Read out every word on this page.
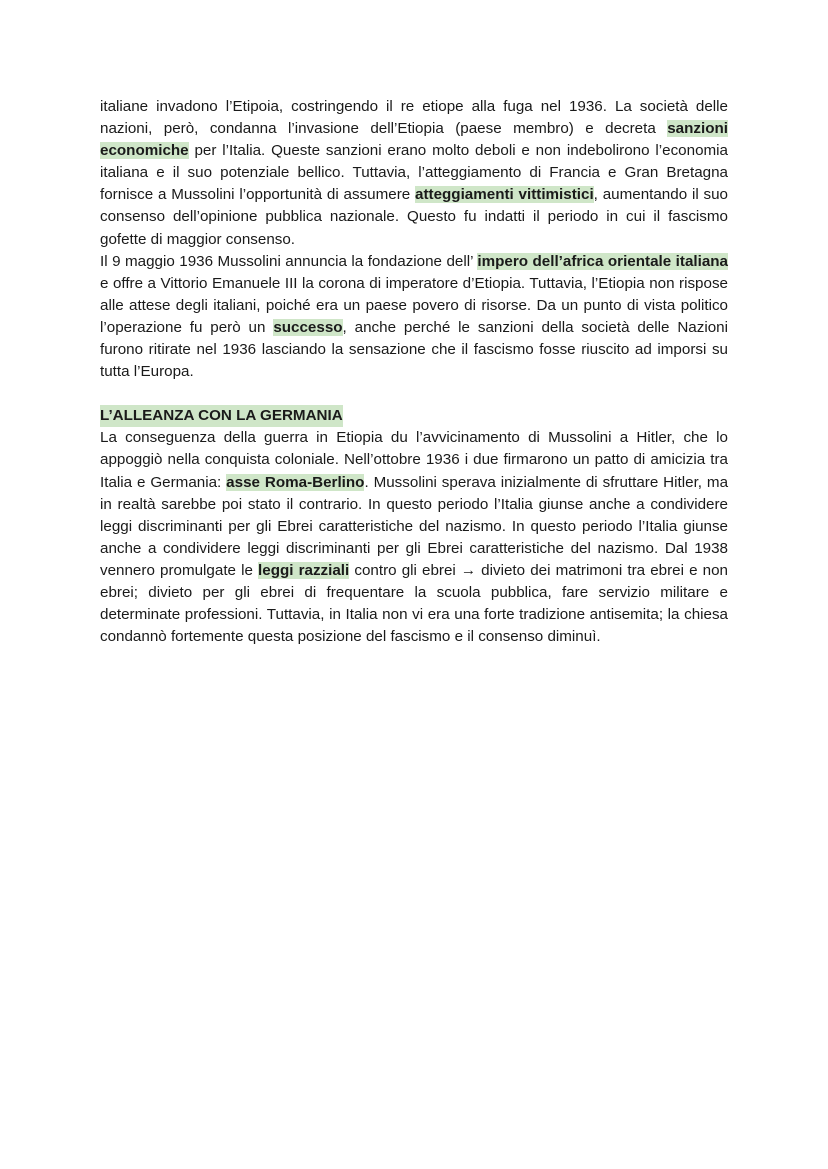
italiane invadono l’Etipoia, costringendo il re etiope alla fuga nel 1936. La società delle nazioni, però, condanna l’invasione dell’Etiopia (paese membro) e decreta sanzioni economiche per l’Italia. Queste sanzioni erano molto deboli e non indebolirono l’economia italiana e il suo potenziale bellico. Tuttavia, l’atteggiamento di Francia e Gran Bretagna fornisce a Mussolini l’opportunità di assumere atteggiamenti vittimistici, aumentando il suo consenso dell’opinione pubblica nazionale. Questo fu indatti il periodo in cui il fascismo gofette di maggior consenso.

Il 9 maggio 1936 Mussolini annuncia la fondazione dell’ impero dell’africa orientale italiana e offre a Vittorio Emanuele III la corona di imperatore d’Etiopia. Tuttavia, l’Etiopia non rispose alle attese degli italiani, poiché era un paese povero di risorse. Da un punto di vista politico l’operazione fu però un successo, anche perché le sanzioni della società delle Nazioni furono ritirate nel 1936 lasciando la sensazione che il fascismo fosse riuscito ad imporsi su tutta l’Europa.

L’ALLEANZA CON LA GERMANIA

La conseguenza della guerra in Etiopia du l’avvicinamento di Mussolini a Hitler, che lo appoggiò nella conquista coloniale. Nell’ottobre 1936 i due firmarono un patto di amicizia tra Italia e Germania: asse Roma-Berlino. Mussolini sperava inizialmente di sfruttare Hitler, ma in realtà sarebbe poi stato il contrario. In questo periodo l’Italia giunse anche a condividere leggi discriminanti per gli Ebrei caratteristiche del nazismo. In questo periodo l’Italia giunse anche a condividere leggi discriminanti per gli Ebrei caratteristiche del nazismo. Dal 1938 vennero promulgate le leggi razziali contro gli ebrei → divieto dei matrimoni tra ebrei e non ebrei; divieto per gli ebrei di frequentare la scuola pubblica, fare servizio militare e determinate professioni. Tuttavia, in Italia non vi era una forte tradizione antisemita; la chiesa condannò fortemente questa posizione del fascismo e il consenso diminuì.
